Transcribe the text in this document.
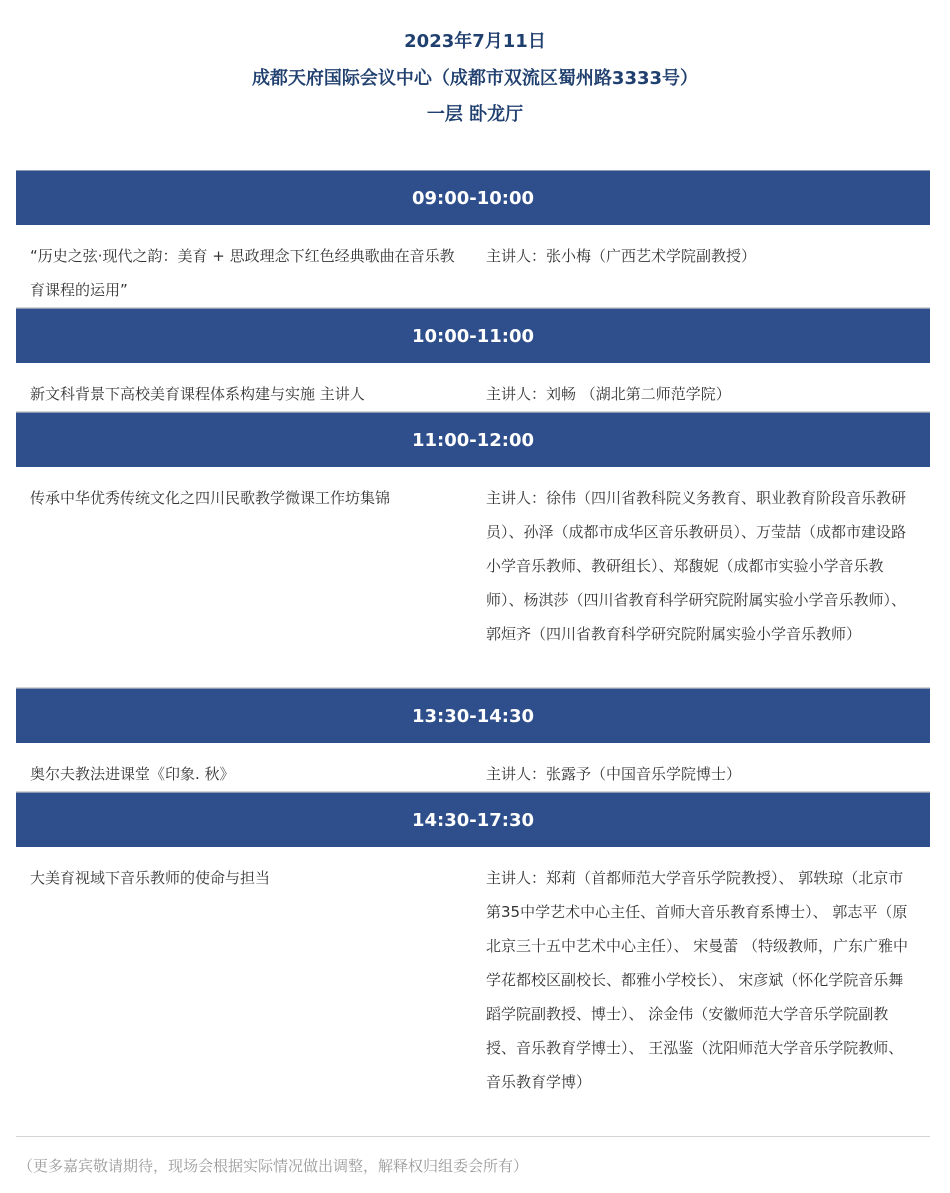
2023年7月11日
成都天府国际会议中心（成都市双流区蜀州路3333号）
一层 卧龙厅
09:00-10:00
“历史之弦·现代之韵：美育 + 思政理念下红色经典歌曲在音乐教育课程的运用”
主讲人：张小梅（广西艺术学院副教授）
10:00-11:00
新文科背景下高校美育课程体系构建与实施 主讲人	主讲人：刘畅 （湖北第二师范学院）
11:00-12:00
传承中华优秀传统文化之四川民歌教学微课工作坊集锦	主讲人：徐伟（四川省教科院义务教育、职业教育阶段音乐教研员）、孙泽（成都市成华区音乐教研员）、万莹喆（成都市建设路小学音乐教师、教研组长）、郑馥妮（成都市实验小学音乐教师）、杨淇莎（四川省教育科学研究院附属实验小学音乐教师）、郭烜齐（四川省教育科学研究院附属实验小学音乐教师）
13:30-14:30
奥尔夫教法进课堂《印象. 秋》	主讲人：张露予（中国音乐学院博士）
14:30-17:30
大美育视域下音乐教师的使命与担当	主讲人：郑莉（首都师范大学音乐学院教授）、 郭轶琼（北京市第35中学艺术中心主任、首师大音乐教育系博士）、 郭志平（原北京三十五中艺术中心主任）、 宋曼蕾 （特级教师，广东广雅中学花都校区副校长、都雅小学校长）、 宋彦斌（怀化学院音乐舞蹈学院副教授、博士）、 涂金伟（安徽师范大学音乐学院副教授、音乐教育学博士）、 王泓鉴（沈阳师范大学音乐学院教师、音乐教育学博）
（更多嘉宾敬请期待，现场会根据实际情况做出调整，解释权归组委会所有）
